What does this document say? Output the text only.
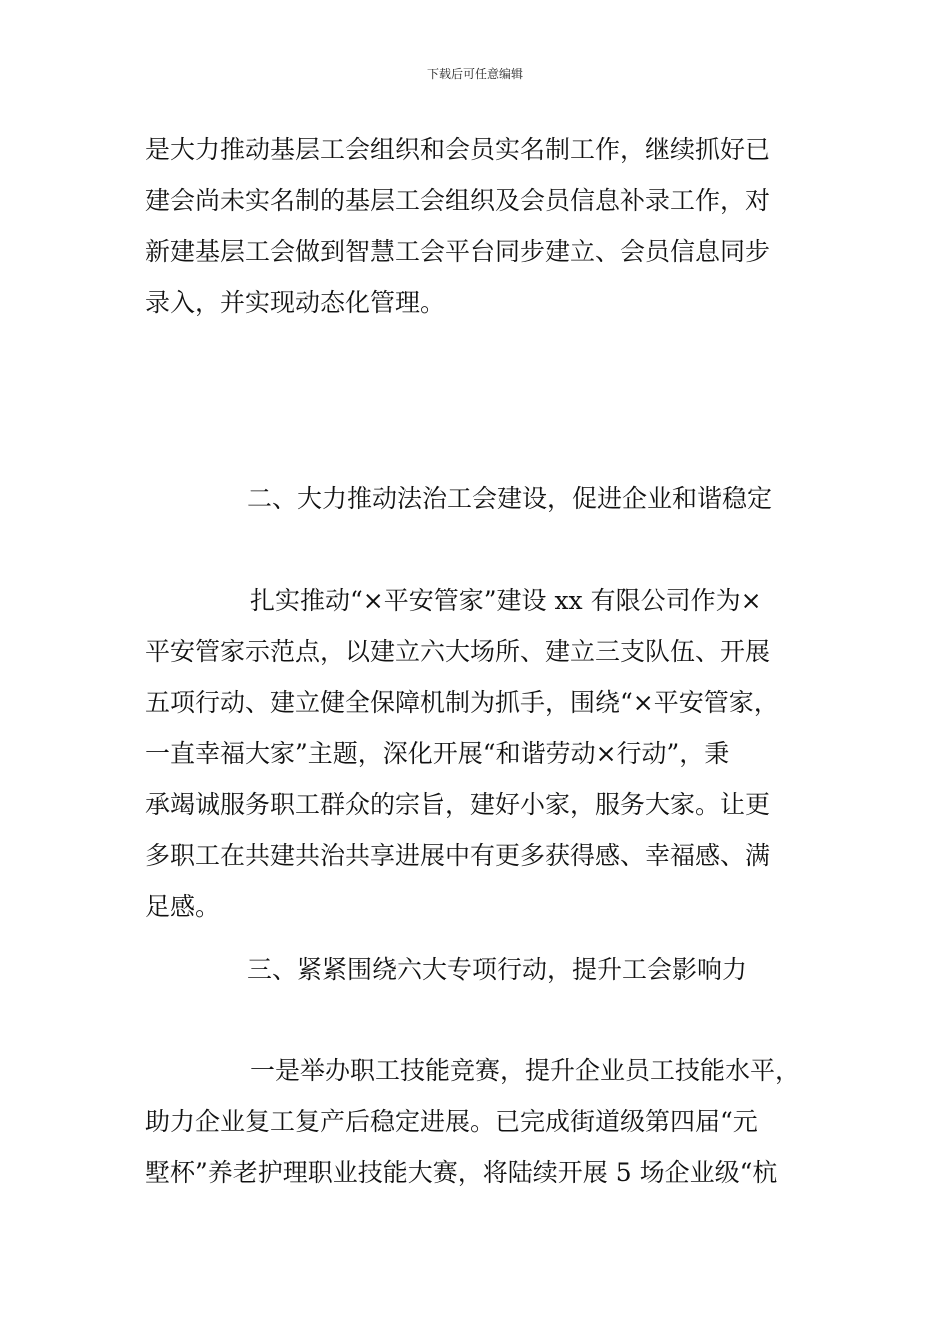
下载后可任意编辑
是大力推动基层工会组织和会员实名制工作，继续抓好已
建会尚未实名制的基层工会组织及会员信息补录工作，对
新建基层工会做到智慧工会平台同步建立、会员信息同步
录入，并实现动态化管理。
二、大力推动法治工会建设，促进企业和谐稳定
扎实推动“×平安管家”建设 xx 有限公司作为×
平安管家示范点，以建立六大场所、建立三支队伍、开展
五项行动、建立健全保障机制为抓手，围绕“×平安管家，
一直幸福大家”主题，深化开展“和谐劳动×行动”，秉
承竭诚服务职工群众的宗旨，建好小家，服务大家。让更
多职工在共建共治共享进展中有更多获得感、幸福感、满
足感。
三、紧紧围绕六大专项行动，提升工会影响力
一是举办职工技能竞赛，提升企业员工技能水平，
助力企业复工复产后稳定进展。已完成街道级第四届“元
墅杯”养老护理职业技能大赛，将陆续开展 5 场企业级“杭
